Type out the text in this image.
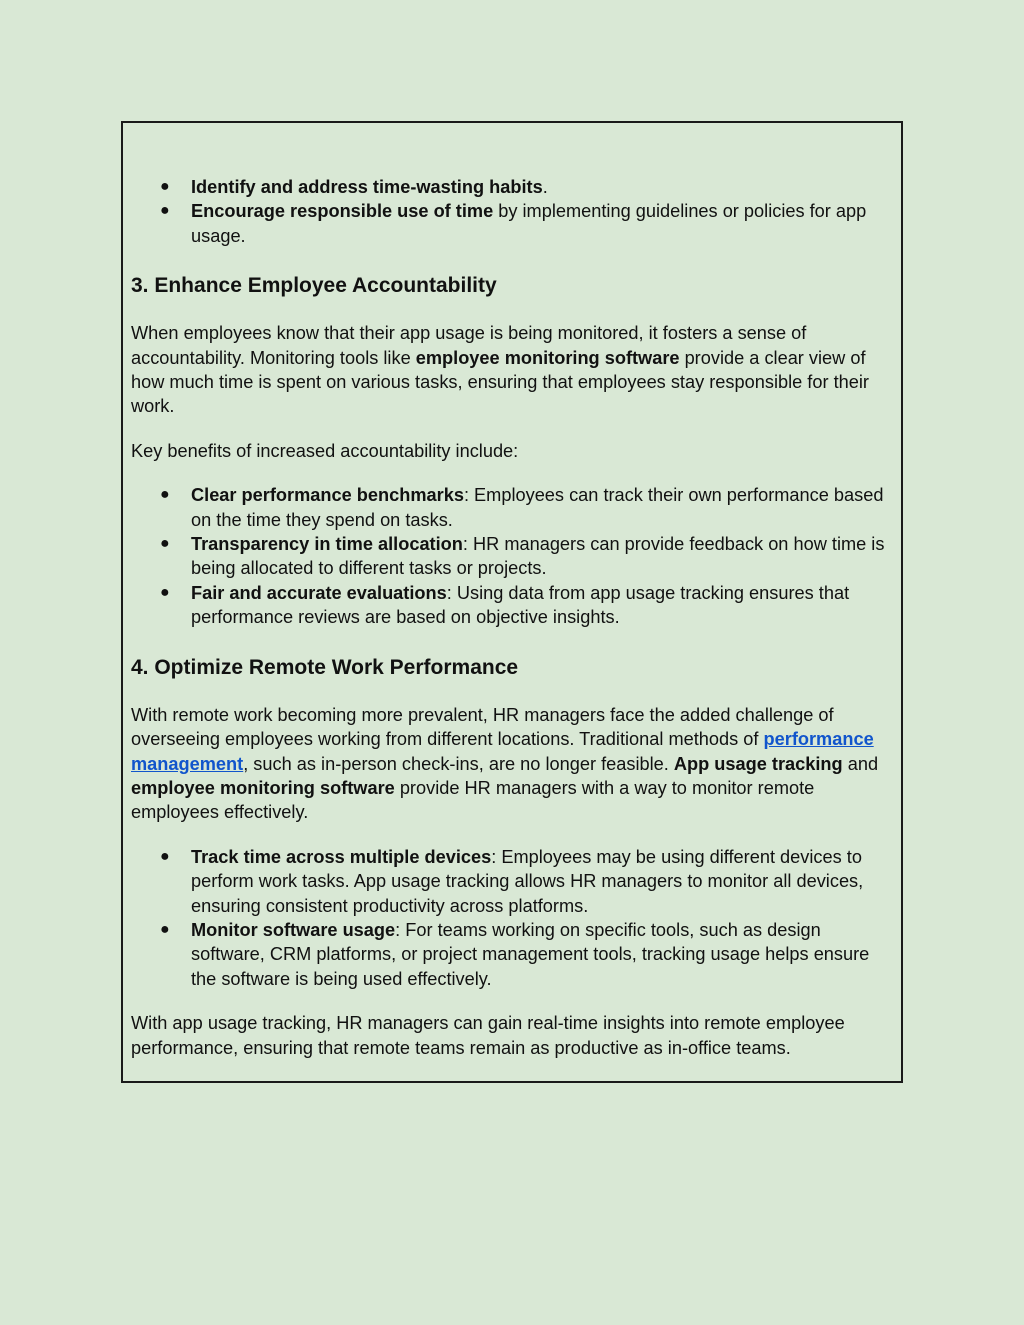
● Identify and address time-wasting habits.
● Encourage responsible use of time by implementing guidelines or policies for app usage.
3. Enhance Employee Accountability

When employees know that their app usage is being monitored, it fosters a sense of accountability. Monitoring tools like employee monitoring software provide a clear view of how much time is spent on various tasks, ensuring that employees stay responsible for their work.

Key benefits of increased accountability include:

● Clear performance benchmarks: Employees can track their own performance based on the time they spend on tasks.
● Transparency in time allocation: HR managers can provide feedback on how time is being allocated to different tasks or projects.
● Fair and accurate evaluations: Using data from app usage tracking ensures that performance reviews are based on objective insights.
4. Optimize Remote Work Performance

With remote work becoming more prevalent, HR managers face the added challenge of overseeing employees working from different locations. Traditional methods of performance management, such as in-person check-ins, are no longer feasible. App usage tracking and employee monitoring software provide HR managers with a way to monitor remote employees effectively.

● Track time across multiple devices: Employees may be using different devices to perform work tasks. App usage tracking allows HR managers to monitor all devices, ensuring consistent productivity across platforms.
● Monitor software usage: For teams working on specific tools, such as design software, CRM platforms, or project management tools, tracking usage helps ensure the software is being used effectively.

With app usage tracking, HR managers can gain real-time insights into remote employee performance, ensuring that remote teams remain as productive as in-office teams.
